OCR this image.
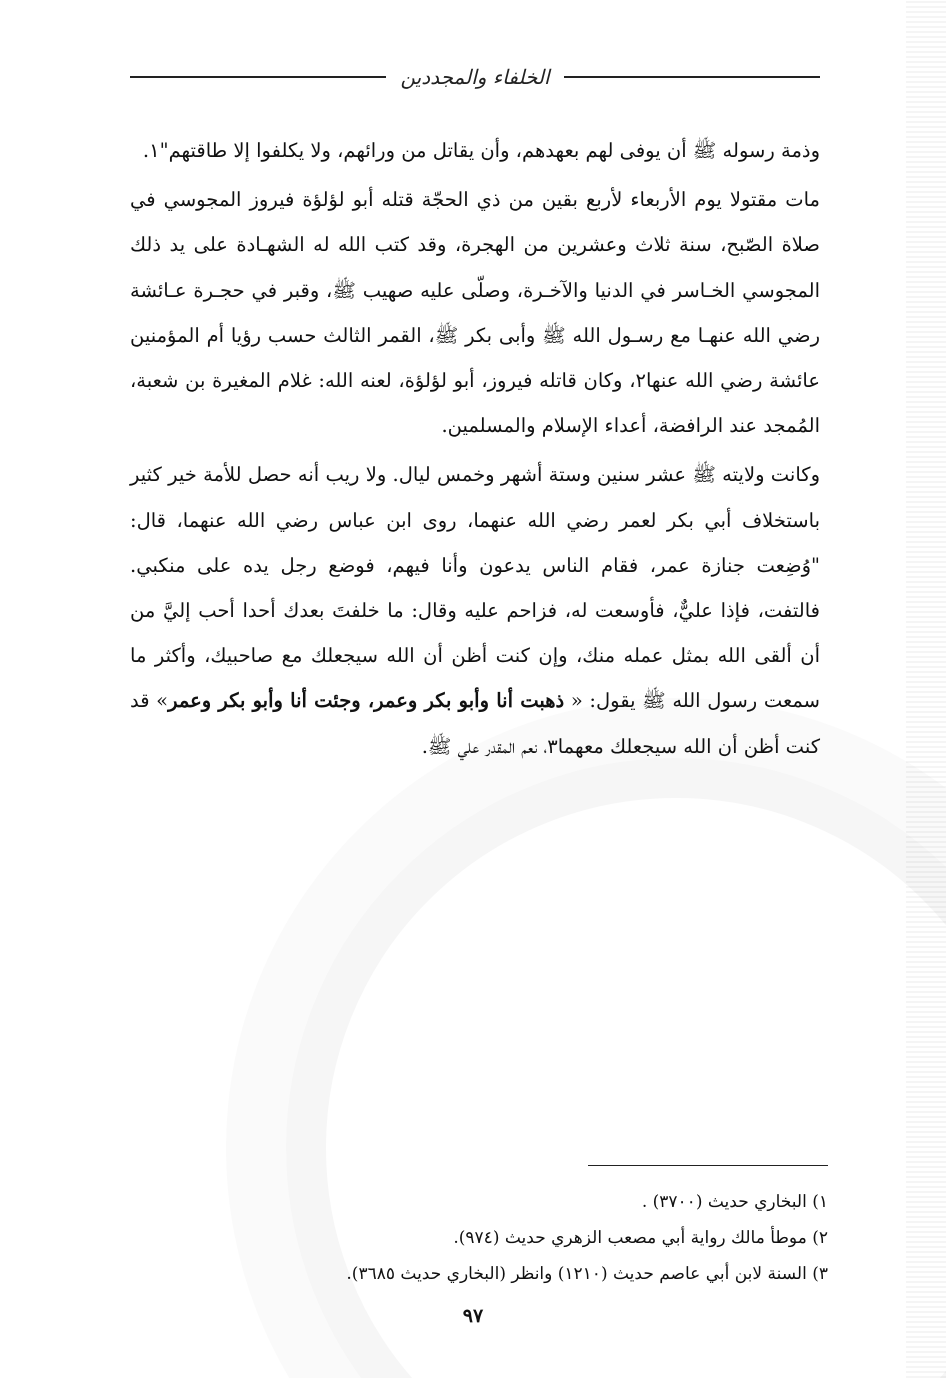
الخلفاء والمجددين

وذمة رسوله ﷺ أن يوفى لهم بعهدهم، وأن يقاتل من ورائهم، ولا يكلفوا إلا طاقتهم"١.

مات مقتولا يوم الأربعاء لأربع بقين من ذي الحجّة قتله أبو لؤلؤة فيروز المجوسي في صلاة الصّبح، سنة ثلاث وعشرين من الهجرة، وقد كتب الله له الشهـادة على يد ذلك المجوسي الخـاسر في الدنيا والآخـرة، وصلّى عليه صهيب ﷺ، وقبر في حجـرة عـائشة رضي الله عنهـا مع رسـول الله ﷺ وأبى بكر ﷺ، القمر الثالث حسب رؤيا أم المؤمنين عائشة رضي الله عنها٢، وكان قاتله فيروز، أبو لؤلؤة، لعنه الله: غلام المغيرة بن شعبة، المُمجد عند الرافضة، أعداء الإسلام والمسلمين.

وكانت ولايته ﷺ عشر سنين وستة أشهر وخمس ليال. ولا ريب أنه حصل للأمة خير كثير باستخلاف أبي بكر لعمر رضي الله عنهما، روى ابن عباس رضي الله عنهما، قال: "وُضِعت جنازة عمر، فقام الناس يدعون وأنا فيهم، فوضع رجل يده على منكبي. فالتفت، فإذا عليٌّ، فأوسعت له، فزاحم عليه وقال: ما خلفتَ بعدك أحدا أحب إليَّ من أن ألقى الله بمثل عمله منك، وإن كنت أظن أن الله سيجعلك مع صاحبيك، وأكثر ما سمعت رسول الله ﷺ يقول: « ذهبت أنا وأبو بكر وعمر، وجئت أنا وأبو بكر وعمر» قد كنت أظن أن الله سيجعلك معهما٣، نعم المقدر علي ﷺ.

١) البخاري حديث (٣٧٠٠) .
٢) موطأ مالك رواية أبي مصعب الزهري حديث (٩٧٤).
٣) السنة لابن أبي عاصم حديث (١٢١٠) وانظر (البخاري حديث ٣٦٨٥).
٩٧
